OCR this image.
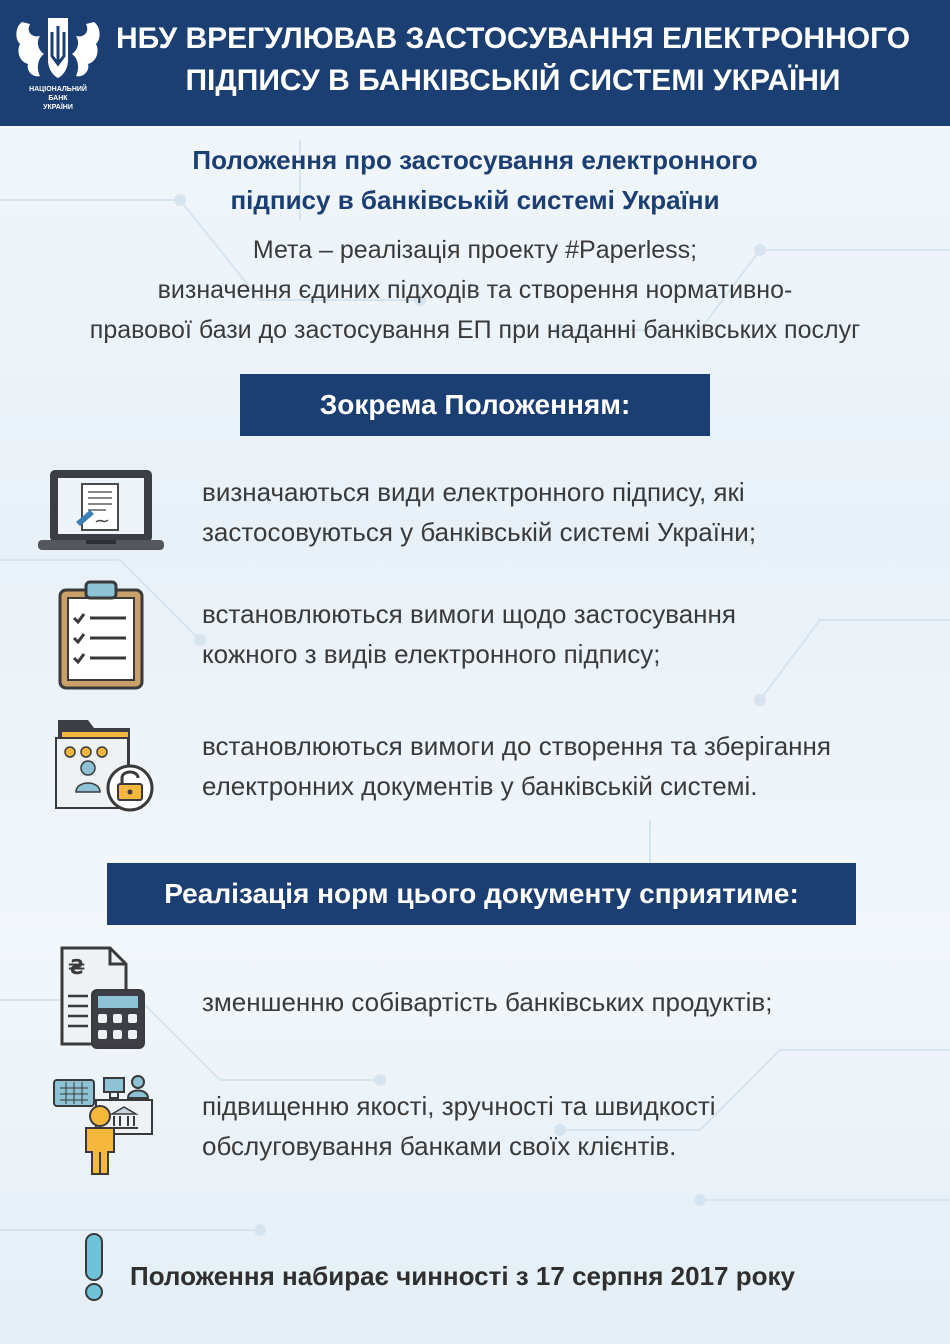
НАЦІОНАЛЬНИЙ
БАНК
УКРАЇНИ
НБУ ВРЕГУЛЮВАВ ЗАСТОСУВАННЯ ЕЛЕКТРОННОГО
ПІДПИСУ В БАНКІВСЬКІЙ СИСТЕМІ УКРАЇНИ
Положення про застосування електронного
підпису в банківській системі України
Мета – реалізація проекту #Paperless;
визначення єдиних підходів та створення нормативно-
правової бази до застосування ЕП при наданні банківських послуг
Зокрема Положенням:
визначаються види електронного підпису, які
застосовуються у банківській системі України;
встановлюються вимоги щодо застосування
кожного з видів електронного підпису;
встановлюються вимоги до створення та зберігання
електронних документів у банківській системі.
Реалізація норм цього документу сприятиме:
₴
зменшенню собівартість банківських продуктів;
підвищенню якості, зручності та швидкості
обслуговування банками своїх клієнтів.
Положення набирає чинності з 17 серпня 2017 року
